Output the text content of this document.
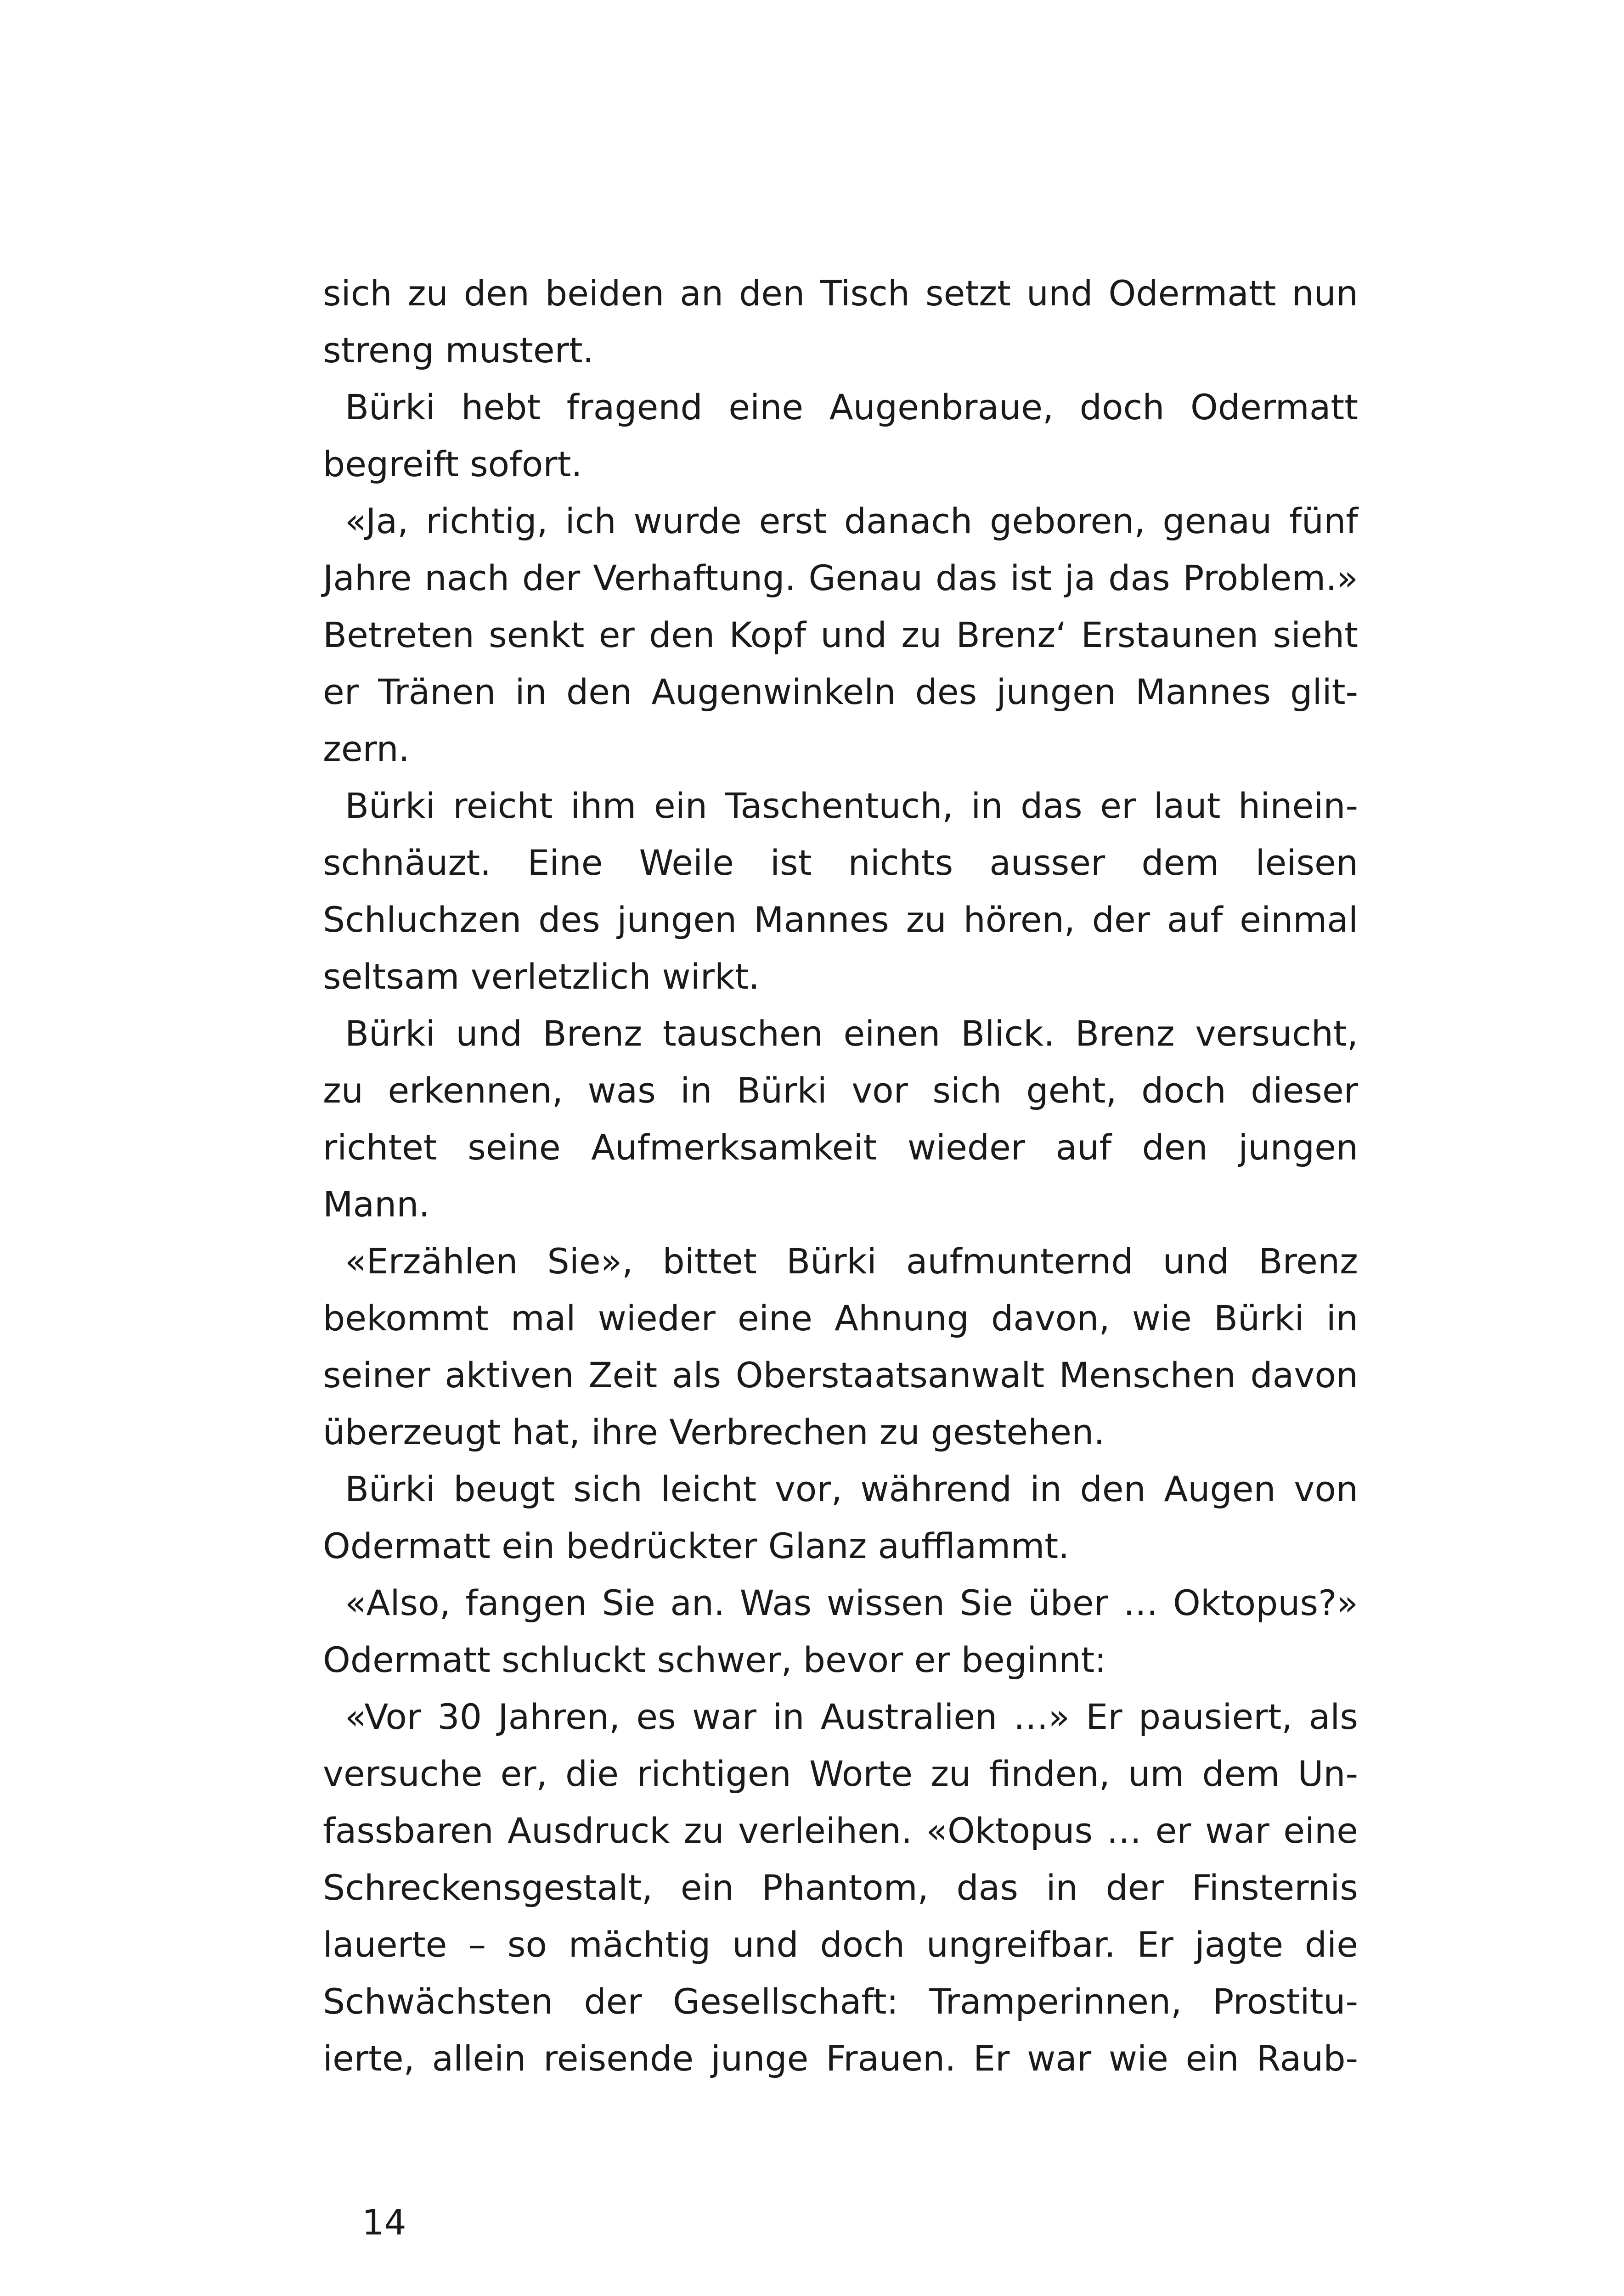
sich zu den beiden an den Tisch setzt und Odermatt nun
streng mustert.
Bürki hebt fragend eine Augenbraue, doch Odermatt
begreift sofort.
«Ja, richtig, ich wurde erst danach geboren, genau fünf
Jahre nach der Verhaftung. Genau das ist ja das Problem.»
Betreten senkt er den Kopf und zu Brenz‘ Erstaunen sieht
er Tränen in den Augenwinkeln des jungen Mannes glit-
zern.
Bürki reicht ihm ein Taschentuch, in das er laut hinein-
schnäuzt. Eine Weile ist nichts ausser dem leisen
Schluchzen des jungen Mannes zu hören, der auf einmal
seltsam verletzlich wirkt.
Bürki und Brenz tauschen einen Blick. Brenz versucht,
zu erkennen, was in Bürki vor sich geht, doch dieser
richtet seine Aufmerksamkeit wieder auf den jungen
Mann.
«Erzählen Sie», bittet Bürki aufmunternd und Brenz
bekommt mal wieder eine Ahnung davon, wie Bürki in
seiner aktiven Zeit als Oberstaatsanwalt Menschen davon
überzeugt hat, ihre Verbrechen zu gestehen.
Bürki beugt sich leicht vor, während in den Augen von
Odermatt ein bedrückter Glanz aufflammt.
«Also, fangen Sie an. Was wissen Sie über … Oktopus?»
Odermatt schluckt schwer, bevor er beginnt:
«Vor 30 Jahren, es war in Australien …» Er pausiert, als
versuche er, die richtigen Worte zu finden, um dem Un-
fassbaren Ausdruck zu verleihen. «Oktopus … er war eine
Schreckensgestalt, ein Phantom, das in der Finsternis
lauerte – so mächtig und doch ungreifbar. Er jagte die
Schwächsten der Gesellschaft: Tramperinnen, Prostitu-
ierte, allein reisende junge Frauen. Er war wie ein Raub-
14
